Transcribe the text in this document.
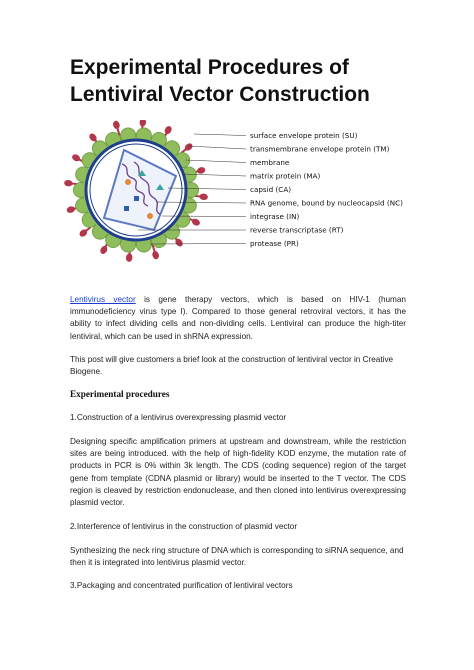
Experimental Procedures of
Lentiviral Vector Construction
surface envelope protein (SU)
transmembrane envelope protein (TM)
membrane
matrix protein (MA)
capsid (CA)
RNA genome, bound by nucleocapsid (NC)
integrase (IN)
reverse transcriptase (RT)
protease (PR)
Lentivirus vector is gene therapy vectors, which is based on HIV-1 (human immunodeficiency virus type I). Compared to those general retroviral vectors, it has the ability to infect dividing cells and non-dividing cells. Lentiviral can produce the high-titer lentiviral, which can be used in shRNA expression.
This post will give customers a brief look at the construction of lentiviral vector in Creative Biogene.
Experimental procedures
1.Construction of a lentivirus overexpressing plasmid vector
Designing specific amplification primers at upstream and downstream, while the restriction sites are being introduced. with the help of high-fidelity KOD enzyme, the mutation rate of products in PCR is 0% within 3k length. The CDS (coding sequence) region of the target gene from template (CDNA plasmid or library) would be inserted to the T vector. The CDS region is cleaved by restriction endonuclease, and then cloned into lentivirus overexpressing plasmid vector.
2.Interference of lentivirus in the construction of plasmid vector
Synthesizing the neck ring structure of DNA which is corresponding to siRNA sequence, and then it is integrated into lentivirus plasmid vector.
3.Packaging and concentrated purification of lentiviral vectors
